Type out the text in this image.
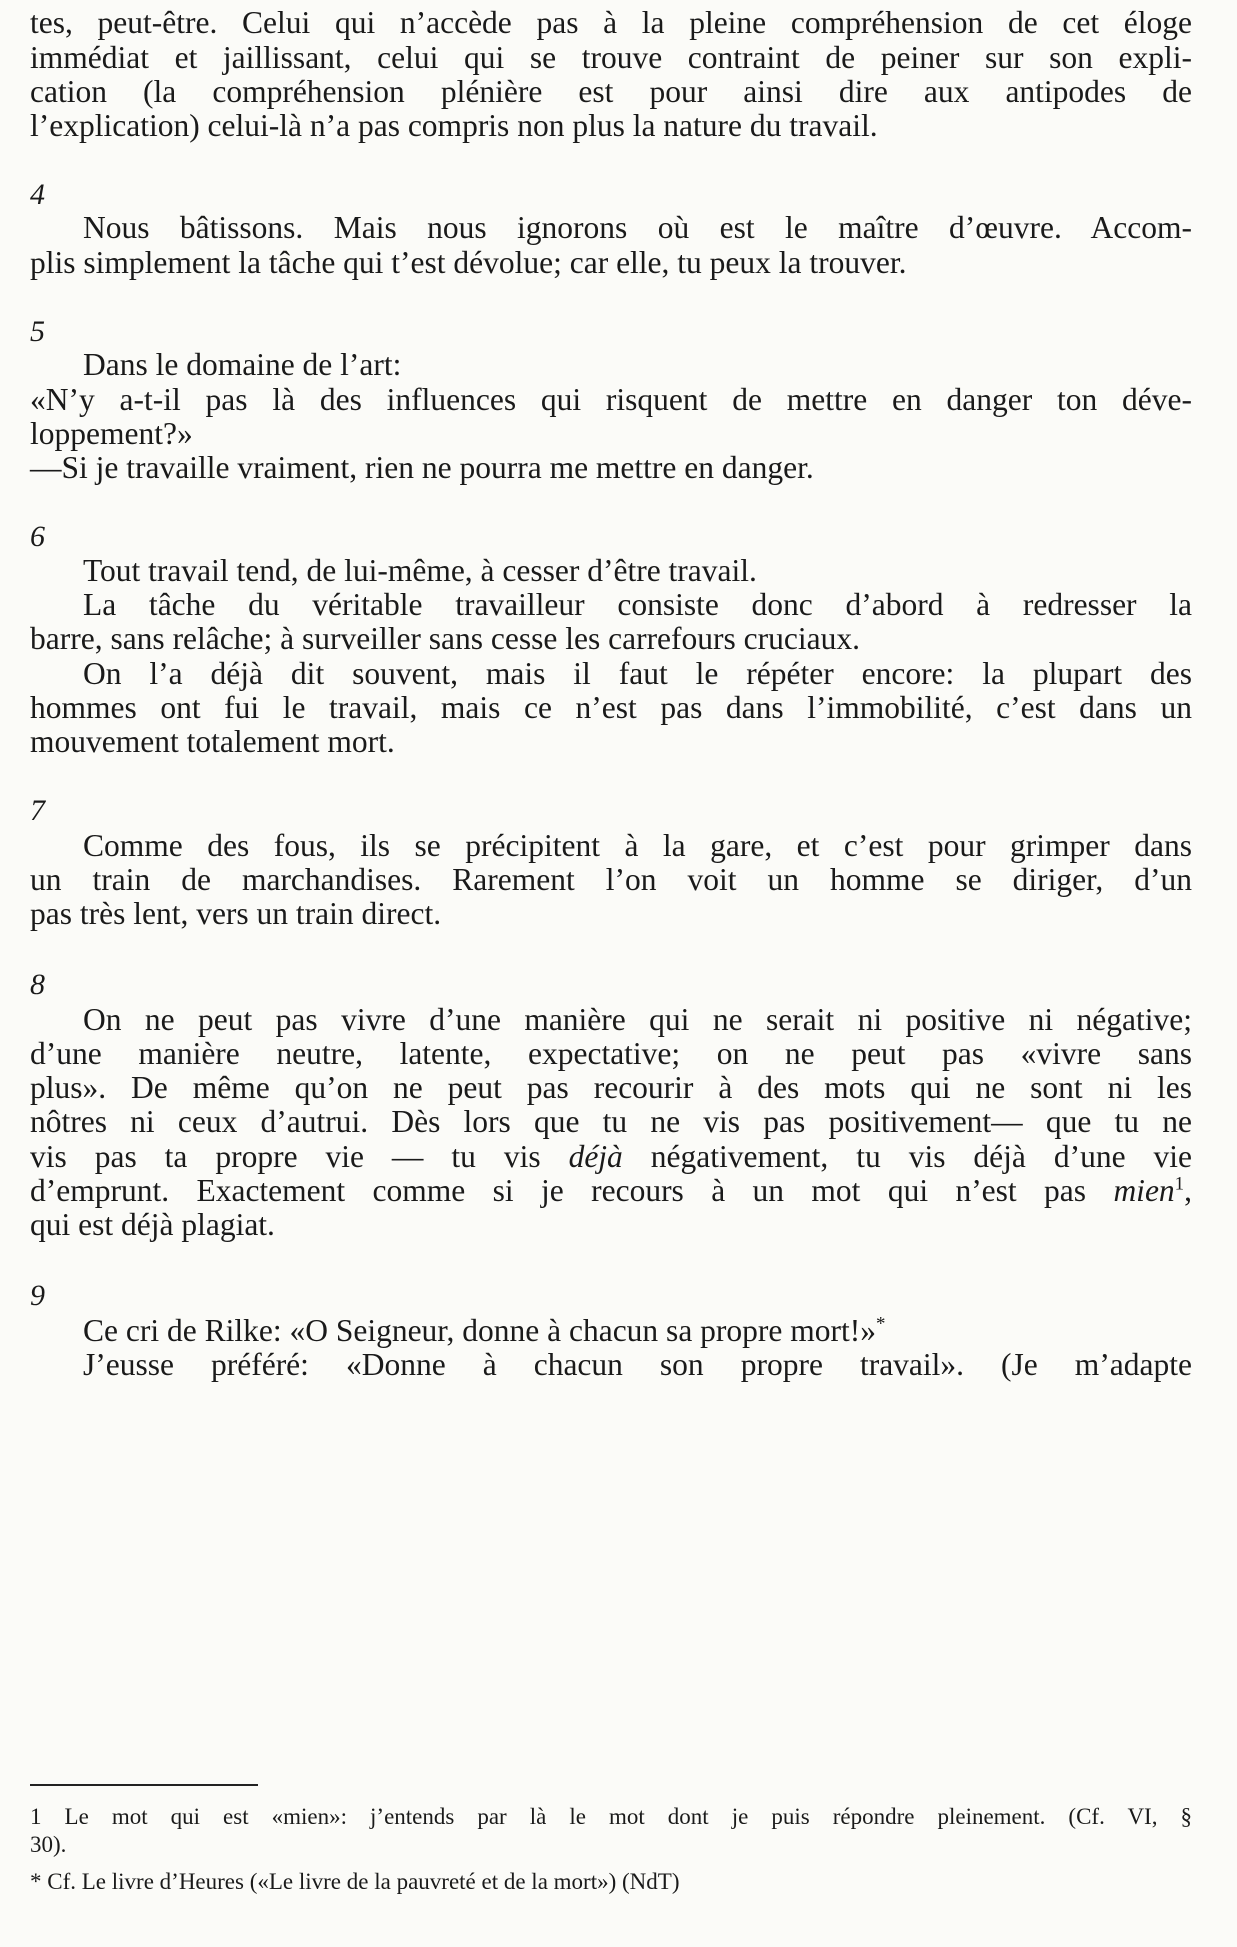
tes, peut-être. Celui qui n’accède pas à la pleine compréhension de cet éloge
immédiat et jaillissant, celui qui se trouve contraint de peiner sur son expli-
cation (la compréhension plénière est pour ainsi dire aux antipodes de
l’explication) celui-là n’a pas compris non plus la nature du travail.
4
Nous bâtissons. Mais nous ignorons où est le maître d’œuvre. Accom-
plis simplement la tâche qui t’est dévolue; car elle, tu peux la trouver.
5
Dans le domaine de l’art:
«N’y a-t-il pas là des influences qui risquent de mettre en danger ton déve-
loppement?»
—Si je travaille vraiment, rien ne pourra me mettre en danger.
6
Tout travail tend, de lui-même, à cesser d’être travail.
La tâche du véritable travailleur consiste donc d’abord à redresser la
barre, sans relâche; à surveiller sans cesse les carrefours cruciaux.
On l’a déjà dit souvent, mais il faut le répéter encore: la plupart des
hommes ont fui le travail, mais ce n’est pas dans l’immobilité, c’est dans un
mouvement totalement mort.
7
Comme des fous, ils se précipitent à la gare, et c’est pour grimper dans
un train de marchandises. Rarement l’on voit un homme se diriger, d’un
pas très lent, vers un train direct.
8
On ne peut pas vivre d’une manière qui ne serait ni positive ni négative;
d’une manière neutre, latente, expectative; on ne peut pas «vivre sans
plus». De même qu’on ne peut pas recourir à des mots qui ne sont ni les
nôtres ni ceux d’autrui. Dès lors que tu ne vis pas positivement— que tu ne
vis pas ta propre vie — tu vis déjà négativement, tu vis déjà d’une vie
d’emprunt. Exactement comme si je recours à un mot qui n’est pas mien$^1$,
qui est déjà plagiat.
9
Ce cri de Rilke: «O Seigneur, donne à chacun sa propre mort!»*
J’eusse préféré: «Donne à chacun son propre travail». (Je m’adapte
1 Le mot qui est «mien»: j’entends par là le mot dont je puis répondre pleinement. (Cf. VI, §
30).
* Cf. Le livre d’Heures («Le livre de la pauvreté et de la mort») (NdT)
